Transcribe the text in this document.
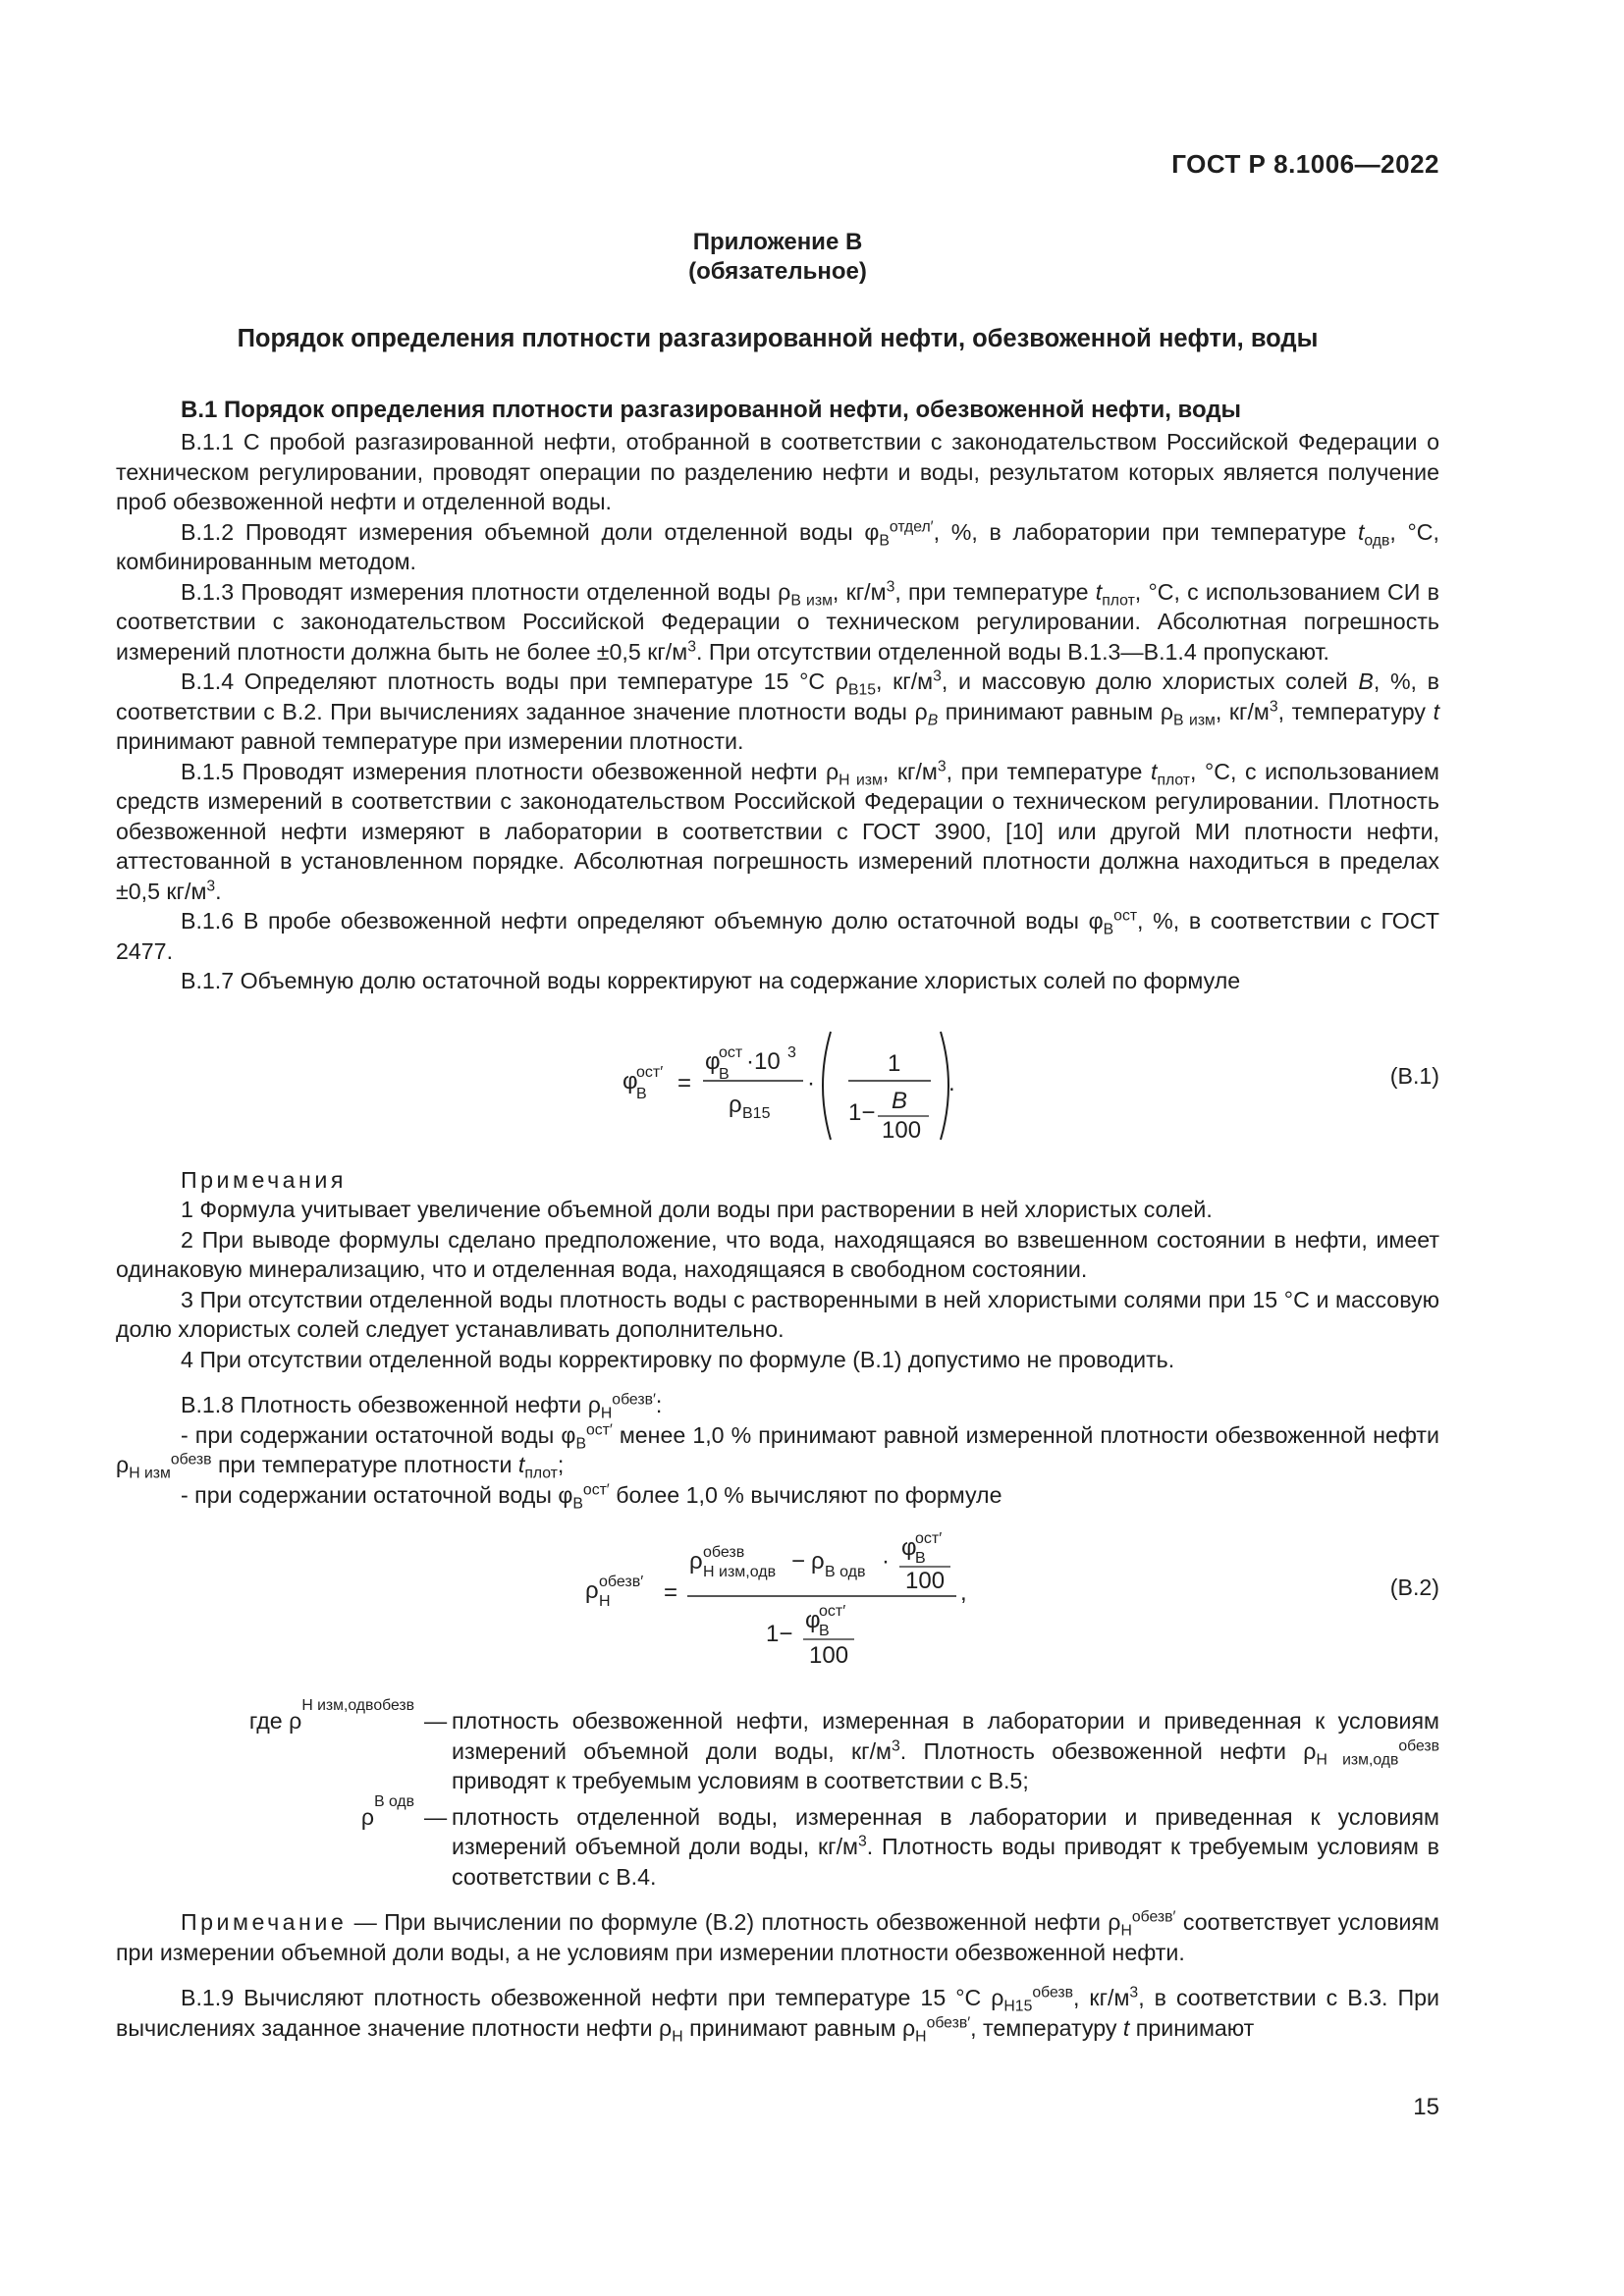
ГОСТ Р 8.1006—2022
Приложение В
(обязательное)
Порядок определения плотности разгазированной нефти, обезвоженной нефти, воды
В.1 Порядок определения плотности разгазированной нефти, обезвоженной нефти, воды

В.1.1 С пробой разгазированной нефти, отобранной в соответствии с законодательством Российской Федерации о техническом регулировании, проводят операции по разделению нефти и воды, результатом которых является получение проб обезвоженной нефти и отделенной воды.

В.1.2 Проводят измерения объемной доли отделенной воды $\varphi_В^{отдел'}$, %, в лаборатории при температуре $t_{одв}$, °С, комбинированным методом.

В.1.3 Проводят измерения плотности отделенной воды $\rho_{В изм}$, $кг/м^3$, при температуре $t_{плот}$, °С, с использованием СИ в соответствии с законодательством Российской Федерации о техническом регулировании. Абсолютная погрешность измерений плотности должна быть не более ±0,5 $кг/м^3$. При отсутствии отделенной воды В.1.3—В.1.4 пропускают.

В.1.4 Определяют плотность воды при температуре 15 °С $\rho_{В15}$, $кг/м^3$, и массовую долю хлористых солей B, %, в соответствии с В.2. При вычислениях заданное значение плотности воды $\rho_B$ принимают равным $\rho_{В изм}$, $кг/м^3$, температуру t принимают равной температуре при измерении плотности.

В.1.5 Проводят измерения плотности обезвоженной нефти $\rho_{Н изм}$, $кг/м^3$, при температуре $t_{плот}$, °С, с использованием средств измерений в соответствии с законодательством Российской Федерации о техническом регулировании. Плотность обезвоженной нефти измеряют в лаборатории в соответствии с ГОСТ 3900, [10] или другой МИ плотности нефти, аттестованной в установленном порядке. Абсолютная погрешность измерений плотности должна находиться в пределах ±0,5 $кг/м^3$.

В.1.6 В пробе обезвоженной нефти определяют объемную долю остаточной воды $\varphi_В^{ост}$, %, в соответствии с ГОСТ 2477.

В.1.7 Объемную долю остаточной воды корректируют на содержание хлористых солей по формуле

φ
В
ост′ =
φ
В
ост ·10 3
ρ В15
·
1
1− B
100
.	(В.1)
Примечания

1 Формула учитывает увеличение объемной доли воды при растворении в ней хлористых солей.

2 При выводе формулы сделано предположение, что вода, находящаяся во взвешенном состоянии в нефти, имеет одинаковую минерализацию, что и отделенная вода, находящаяся в свободном состоянии.

3 При отсутствии отделенной воды плотность воды с растворенными в ней хлористыми солями при 15 °С и массовую долю хлористых солей следует устанавливать дополнительно.

4 При отсутствии отделенной воды корректировку по формуле (В.1) допустимо не проводить.

В.1.8 Плотность обезвоженной нефти $\rho_Н^{обезв'}$:

- при содержании остаточной воды $\varphi_В^{ост'}$ менее 1,0 % принимают равной измеренной плотности обезвоженной нефти $\rho_{Н изм}^{обезв}$ при температуре плотности $t_{плот}$;

- при содержании остаточной воды $\varphi_В^{ост'}$ более 1,0 % вычисляют по формуле

ρ Н
обезв′ =
ρ Н изм,одв
обезв − ρ В одв ·
φ
В
ост′
100
1−
φ
В
ост′
100
,	(В.2)
где
ρ
Н изм,одв обезв
— плотность обезвоженной нефти, измеренная в лаборатории и приведенная к условиям измерений объемной доли воды, $кг/м^3$. Плотность обезвоженной нефти $\rho_{Н изм,одв}^{обезв}$ приводят к требуемым условиям в соответствии с В.5;
ρ
В одв
— плотность отделенной воды, измеренная в лаборатории и приведенная к условиям измерений объемной доли воды, $кг/м^3$. Плотность воды приводят к требуемым условиям в соответствии с В.4.

Примечание — При вычислении по формуле (В.2) плотность обезвоженной нефти $\rho_Н^{обезв'}$ соответствует условиям при измерении объемной доли воды, а не условиям при измерении плотности обезвоженной нефти.

В.1.9 Вычисляют плотность обезвоженной нефти при температуре 15 °С $\rho_{Н15}^{обезв}$, $кг/м^3$, в соответствии с В.3. При вычислениях заданное значение плотности нефти $\rho_Н$ принимают равным $\rho_Н^{обезв'}$, температуру t принимают

15
